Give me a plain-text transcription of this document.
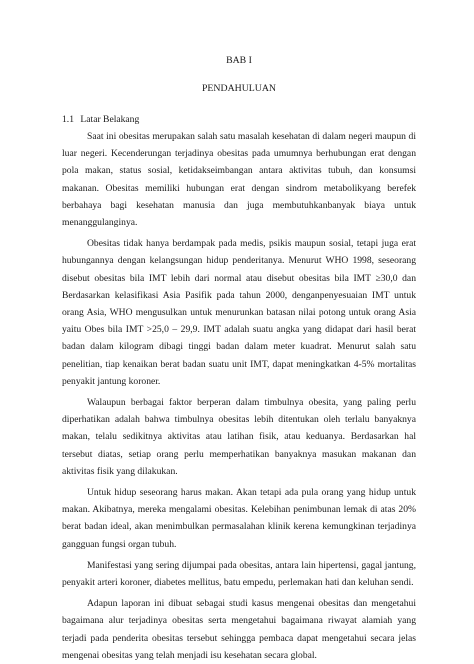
BAB I
PENDAHULUAN
1.1 Latar Belakang

Saat ini obesitas merupakan salah satu masalah kesehatan di dalam negeri maupun di luar negeri. Kecenderungan terjadinya obesitas pada umumnya berhubungan erat dengan pola makan, status sosial, ketidakseimbangan antara aktivitas tubuh, dan konsumsi makanan. Obesitas memiliki hubungan erat dengan sindrom metabolikyang berefek berbahaya bagi kesehatan manusia dan juga membutuhkanbanyak biaya untuk menanggulanginya.

Obesitas tidak hanya berdampak pada medis, psikis maupun sosial, tetapi juga erat hubungannya dengan kelangsungan hidup penderitanya. Menurut WHO 1998, seseorang disebut obesitas bila IMT lebih dari normal atau disebut obesitas bila IMT ≥30,0 dan Berdasarkan kelasifikasi Asia Pasifik pada tahun 2000, denganpenyesuaian IMT untuk orang Asia, WHO mengusulkan untuk menurunkan batasan nilai potong untuk orang Asia yaitu Obes bila IMT >25,0 – 29,9. IMT adalah suatu angka yang didapat dari hasil berat badan dalam kilogram dibagi tinggi badan dalam meter kuadrat. Menurut salah satu penelitian, tiap kenaikan berat badan suatu unit IMT, dapat meningkatkan 4-5% mortalitas penyakit jantung koroner.

Walaupun berbagai faktor berperan dalam timbulnya obesita, yang paling perlu diperhatikan adalah bahwa timbulnya obesitas lebih ditentukan oleh terlalu banyaknya makan, telalu sedikitnya aktivitas atau latihan fisik, atau keduanya. Berdasarkan hal tersebut diatas, setiap orang perlu memperhatikan banyaknya masukan makanan dan aktivitas fisik yang dilakukan.

Untuk hidup seseorang harus makan. Akan tetapi ada pula orang yang hidup untuk makan. Akibatnya, mereka mengalami obesitas. Kelebihan penimbunan lemak di atas 20% berat badan ideal, akan menimbulkan permasalahan klinik kerena kemungkinan terjadinya gangguan fungsi organ tubuh.

Manifestasi yang sering dijumpai pada obesitas, antara lain hipertensi, gagal jantung, penyakit arteri koroner, diabetes mellitus, batu empedu, perlemakan hati dan keluhan sendi.

Adapun laporan ini dibuat sebagai studi kasus mengenai obesitas dan mengetahui bagaimana alur terjadinya obesitas serta mengetahui bagaimana riwayat alamiah yang terjadi pada penderita obesitas tersebut sehingga pembaca dapat mengetahui secara jelas mengenai obesitas yang telah menjadi isu kesehatan secara global.
